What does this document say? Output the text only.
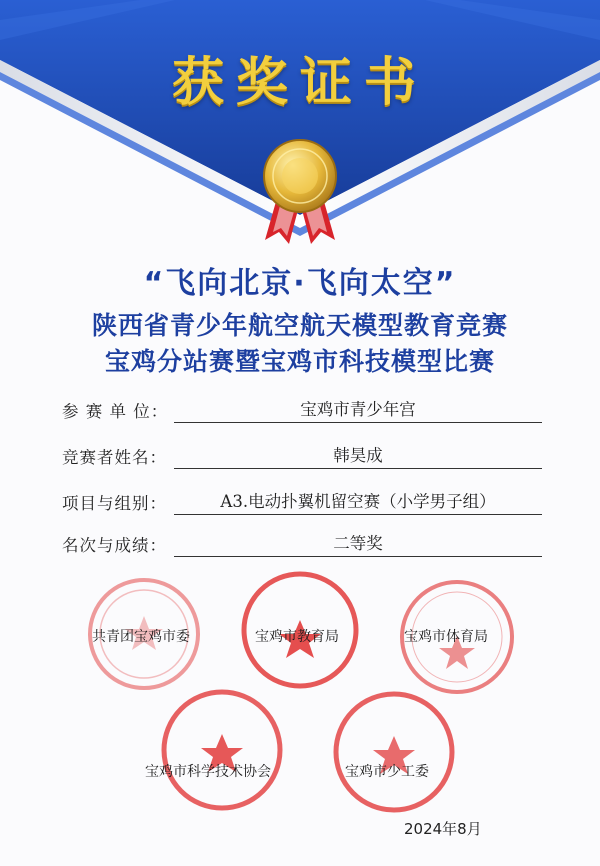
获奖证书
“飞向北京·飞向太空”
陕西省青少年航空航天模型教育竞赛
宝鸡分站赛暨宝鸡市科技模型比赛
参 赛 单 位：	宝鸡市青少年宫
竞赛者姓名：	韩昊成
项目与组别：	A3.电动扑翼机留空赛（小学男子组）
名次与成绩：	二等奖
共青团宝鸡市委	宝鸡市教育局	宝鸡市体育局
宝鸡市科学技术协会	宝鸡市少工委
2024年8月
